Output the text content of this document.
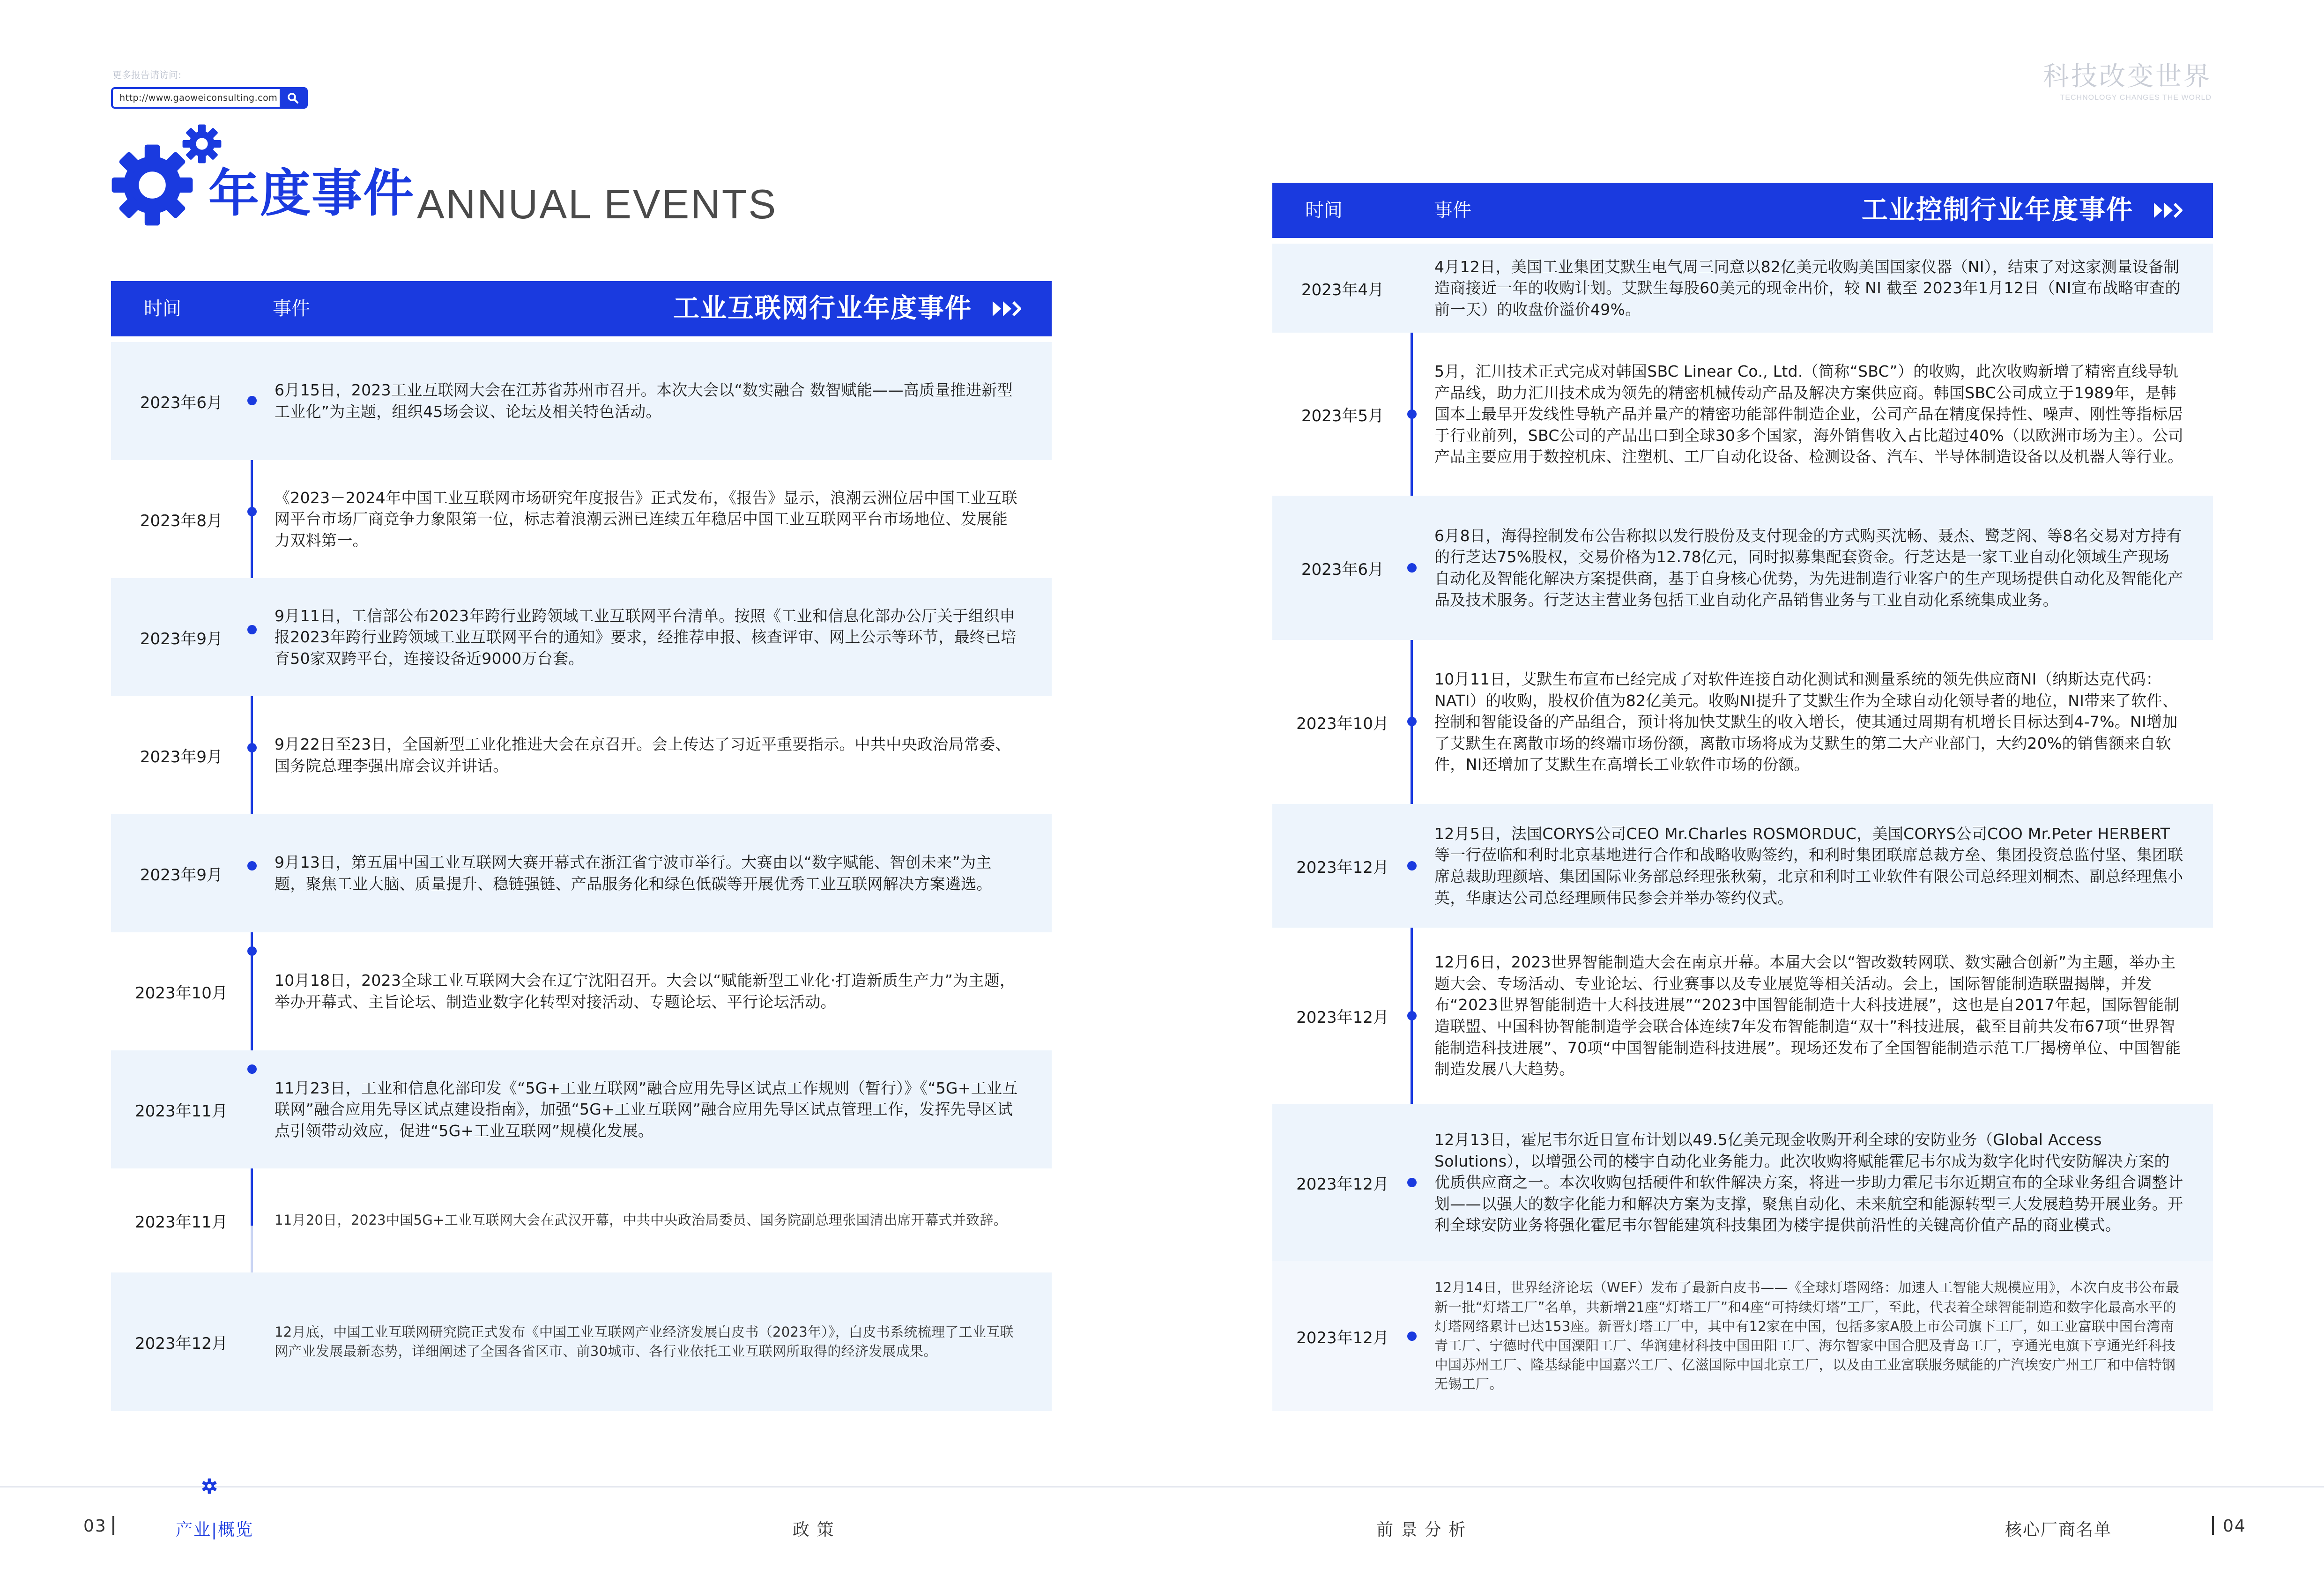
更多报告请访问:
http://www.gaoweiconsulting.com
年度事件 ANNUAL EVENTS
科技改变世界
TECHNOLOGY CHANGES THE WORLD
时间	事件	工业互联网行业年度事件
2023年6月
6月15日，2023工业互联网大会在江苏省苏州市召开。本次大会以“数实融合 数智赋能——高质量推进新型工业化”为主题，组织45场会议、论坛及相关特色活动。
2023年8月
《2023－2024年中国工业互联网市场研究年度报告》正式发布，《报告》显示，浪潮云洲位居中国工业互联网平台市场厂商竞争力象限第一位，标志着浪潮云洲已连续五年稳居中国工业互联网平台市场地位、发展能力双料第一。
2023年9月
9月11日，工信部公布2023年跨行业跨领域工业互联网平台清单。按照《工业和信息化部办公厅关于组织申报2023年跨行业跨领域工业互联网平台的通知》要求，经推荐申报、核查评审、网上公示等环节，最终已培育50家双跨平台，连接设备近9000万台套。
2023年9月
9月22日至23日，全国新型工业化推进大会在京召开。会上传达了习近平重要指示。中共中央政治局常委、国务院总理李强出席会议并讲话。
2023年9月
9月13日，第五届中国工业互联网大赛开幕式在浙江省宁波市举行。大赛由以“数字赋能、智创未来”为主题，聚焦工业大脑、质量提升、稳链强链、产品服务化和绿色低碳等开展优秀工业互联网解决方案遴选。
2023年10月
10月18日，2023全球工业互联网大会在辽宁沈阳召开。大会以“赋能新型工业化·打造新质生产力”为主题，举办开幕式、主旨论坛、制造业数字化转型对接活动、专题论坛、平行论坛活动。
2023年11月
11月23日，工业和信息化部印发《“5G+工业互联网”融合应用先导区试点工作规则（暂行）》《“5G+工业互联网”融合应用先导区试点建设指南》，加强“5G+工业互联网”融合应用先导区试点管理工作，发挥先导区试点引领带动效应，促进“5G+工业互联网”规模化发展。
2023年11月	11月20日，2023中国5G+工业互联网大会在武汉开幕，中共中央政治局委员、国务院副总理张国清出席开幕式并致辞。
2023年12月
12月底，中国工业互联网研究院正式发布《中国工业互联网产业经济发展白皮书（2023年）》，白皮书系统梳理了工业互联网产业发展最新态势，详细阐述了全国各省区市、前30城市、各行业依托工业互联网所取得的经济发展成果。
时间	事件	工业控制行业年度事件
2023年4月
4月12日，美国工业集团艾默生电气周三同意以82亿美元收购美国国家仪器（NI），结束了对这家测量设备制造商接近一年的收购计划。艾默生每股60美元的现金出价，较 NI 截至 2023年1月12日（NI宣布战略审查的前一天）的收盘价溢价49%。
2023年5月
5月，汇川技术正式完成对韩国SBC Linear Co., Ltd.（简称“SBC”）的收购，此次收购新增了精密直线导轨产品线，助力汇川技术成为领先的精密机械传动产品及解决方案供应商。韩国SBC公司成立于1989年，是韩国本土最早开发线性导轨产品并量产的精密功能部件制造企业，公司产品在精度保持性、噪声、刚性等指标居于行业前列，SBC公司的产品出口到全球30多个国家，海外销售收入占比超过40%（以欧洲市场为主）。公司产品主要应用于数控机床、注塑机、工厂自动化设备、检测设备、汽车、半导体制造设备以及机器人等行业。
2023年6月
6月8日，海得控制发布公告称拟以发行股份及支付现金的方式购买沈畅、聂杰、鹭芝阁、等8名交易对方持有的行芝达75%股权，交易价格为12.78亿元，同时拟募集配套资金。行芝达是一家工业自动化领域生产现场自动化及智能化解决方案提供商，基于自身核心优势，为先进制造行业客户的生产现场提供自动化及智能化产品及技术服务。行芝达主营业务包括工业自动化产品销售业务与工业自动化系统集成业务。
2023年10月
10月11日，艾默生布宣布已经完成了对软件连接自动化测试和测量系统的领先供应商NI（纳斯达克代码：NATI）的收购，股权价值为82亿美元。收购NI提升了艾默生作为全球自动化领导者的地位，NI带来了软件、控制和智能设备的产品组合，预计将加快艾默生的收入增长，使其通过周期有机增长目标达到4-7%。NI增加了艾默生在离散市场的终端市场份额，离散市场将成为艾默生的第二大产业部门，大约20%的销售额来自软件，NI还增加了艾默生在高增长工业软件市场的份额。
2023年12月
12月5日，法国CORYS公司CEO Mr.Charles ROSMORDUC，美国CORYS公司COO Mr.Peter HERBERT等一行莅临和利时北京基地进行合作和战略收购签约，和利时集团联席总裁方垒、集团投资总监付坚、集团联席总裁助理颜培、集团国际业务部总经理张秋菊，北京和利时工业软件有限公司总经理刘桐杰、副总经理焦小英，华康达公司总经理顾伟民参会并举办签约仪式。
2023年12月
12月6日，2023世界智能制造大会在南京开幕。本届大会以“智改数转网联、数实融合创新”为主题，举办主题大会、专场活动、专业论坛、行业赛事以及专业展览等相关活动。会上，国际智能制造联盟揭牌，并发布“2023世界智能制造十大科技进展”“2023中国智能制造十大科技进展”，这也是自2017年起，国际智能制造联盟、中国科协智能制造学会联合体连续7年发布智能制造“双十”科技进展，截至目前共发布67项“世界智能制造科技进展”、70项“中国智能制造科技进展”。现场还发布了全国智能制造示范工厂揭榜单位、中国智能制造发展八大趋势。
2023年12月
12月13日，霍尼韦尔近日宣布计划以49.5亿美元现金收购开利全球的安防业务（Global Access Solutions），以增强公司的楼宇自动化业务能力。此次收购将赋能霍尼韦尔成为数字化时代安防解决方案的优质供应商之一。本次收购包括硬件和软件解决方案，将进一步助力霍尼韦尔近期宣布的全球业务组合调整计划——以强大的数字化能力和解决方案为支撑，聚焦自动化、未来航空和能源转型三大发展趋势开展业务。开利全球安防业务将强化霍尼韦尔智能建筑科技集团为楼宇提供前沿性的关键高价值产品的商业模式。
2023年12月
12月14日，世界经济论坛（WEF）发布了最新白皮书——《全球灯塔网络：加速人工智能大规模应用》，本次白皮书公布最新一批“灯塔工厂”名单，共新增21座“灯塔工厂”和4座“可持续灯塔”工厂，至此，代表着全球智能制造和数字化最高水平的灯塔网络累计已达153座。新晋灯塔工厂中，其中有12家在中国，包括多家A股上市公司旗下工厂，如工业富联中国台湾南青工厂、宁德时代中国溧阳工厂、华润建材科技中国田阳工厂、海尔智家中国合肥及青岛工厂，亨通光电旗下亨通光纤科技中国苏州工厂、隆基绿能中国嘉兴工厂、亿滋国际中国北京工厂，以及由工业富联服务赋能的广汽埃安广州工厂和中信特钢无锡工厂。
03	产业|概览	政 策	前 景 分 析	核心厂商名单	04
